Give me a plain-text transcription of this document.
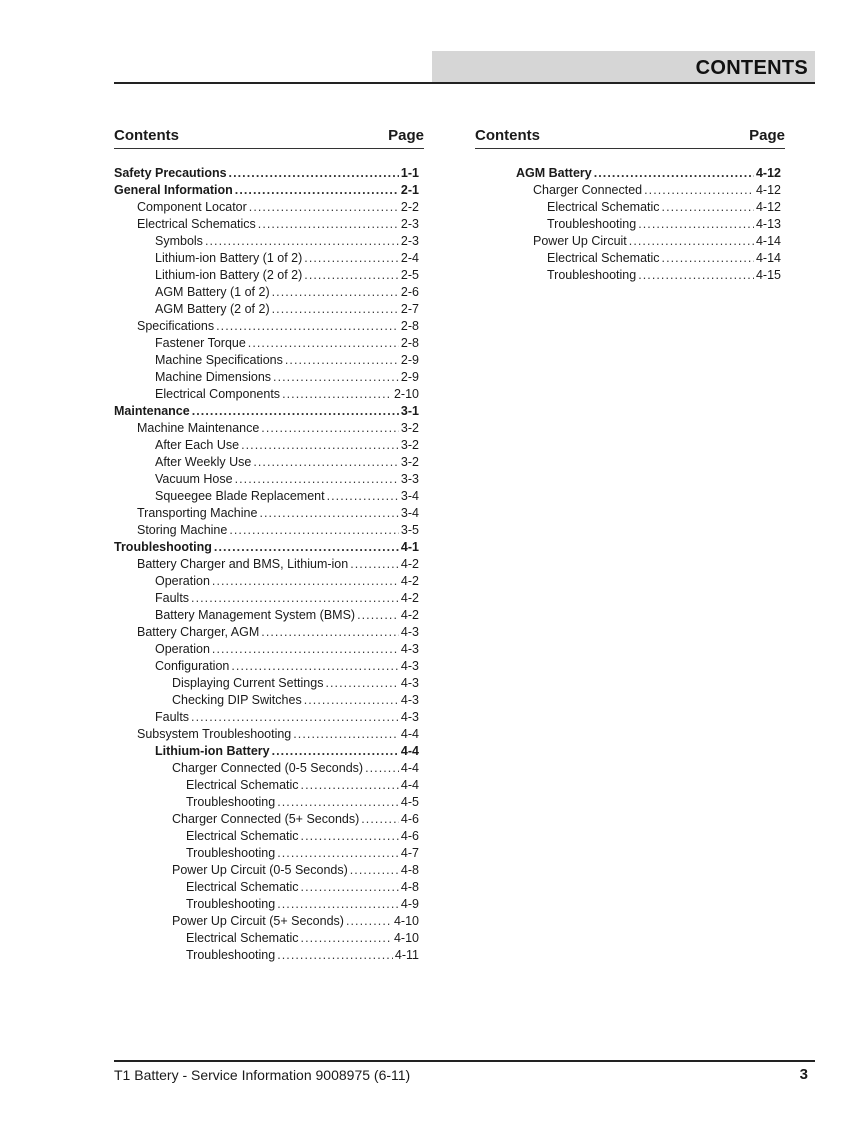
CONTENTS
Contents	Page
Safety Precautions . . .	1-1
General Information . . .	2-1
Component Locator . . .	2-2
Electrical Schematics . . .	2-3
Symbols . . .	2-3
Lithium-ion Battery (1 of 2) . . .	2-4
Lithium-ion Battery (2 of 2) . . .	2-5
AGM Battery (1 of 2) . . .	2-6
AGM Battery (2 of 2) . . .	2-7
Specifications . . .	2-8
Fastener Torque . . .	2-8
Machine Specifications . . .	2-9
Machine Dimensions . . .	2-9
Electrical Components . . .	2-10
Maintenance . . .	3-1
Machine Maintenance . . .	3-2
After Each Use . . .	3-2
After Weekly Use . . .	3-2
Vacuum Hose . . .	3-3
Squeegee Blade Replacement . . .	3-4
Transporting Machine . . .	3-4
Storing Machine . . .	3-5
Troubleshooting . . .	4-1
Battery Charger and BMS, Lithium-ion . . .	4-2
Operation . . .	4-2
Faults . . .	4-2
Battery Management System (BMS) . . .	4-2
Battery Charger, AGM . . .	4-3
Operation . . .	4-3
Configuration . . .	4-3
Displaying Current Settings . . .	4-3
Checking DIP Switches . . .	4-3
Faults . . .	4-3
Subsystem Troubleshooting . . .	4-4
Lithium-ion Battery . . .	4-4
Charger Connected (0-5 Seconds) . . .	4-4
Electrical Schematic . . .	4-4
Troubleshooting . . .	4-5
Charger Connected (5+ Seconds) . . .	4-6
Electrical Schematic . . .	4-6
Troubleshooting . . .	4-7
Power Up Circuit (0-5 Seconds) . . .	4-8
Electrical Schematic . . .	4-8
Troubleshooting . . .	4-9
Power Up Circuit (5+ Seconds) . . .	4-10
Electrical Schematic . . .	4-10
Troubleshooting . . .	4-11
Contents	Page
AGM Battery . . .	4-12
Charger Connected . . .	4-12
Electrical Schematic . . .	4-12
Troubleshooting . . .	4-13
Power Up Circuit . . .	4-14
Electrical Schematic . . .	4-14
Troubleshooting . . .	4-15
T1 Battery - Service Information 9008975 (6-11)	3
